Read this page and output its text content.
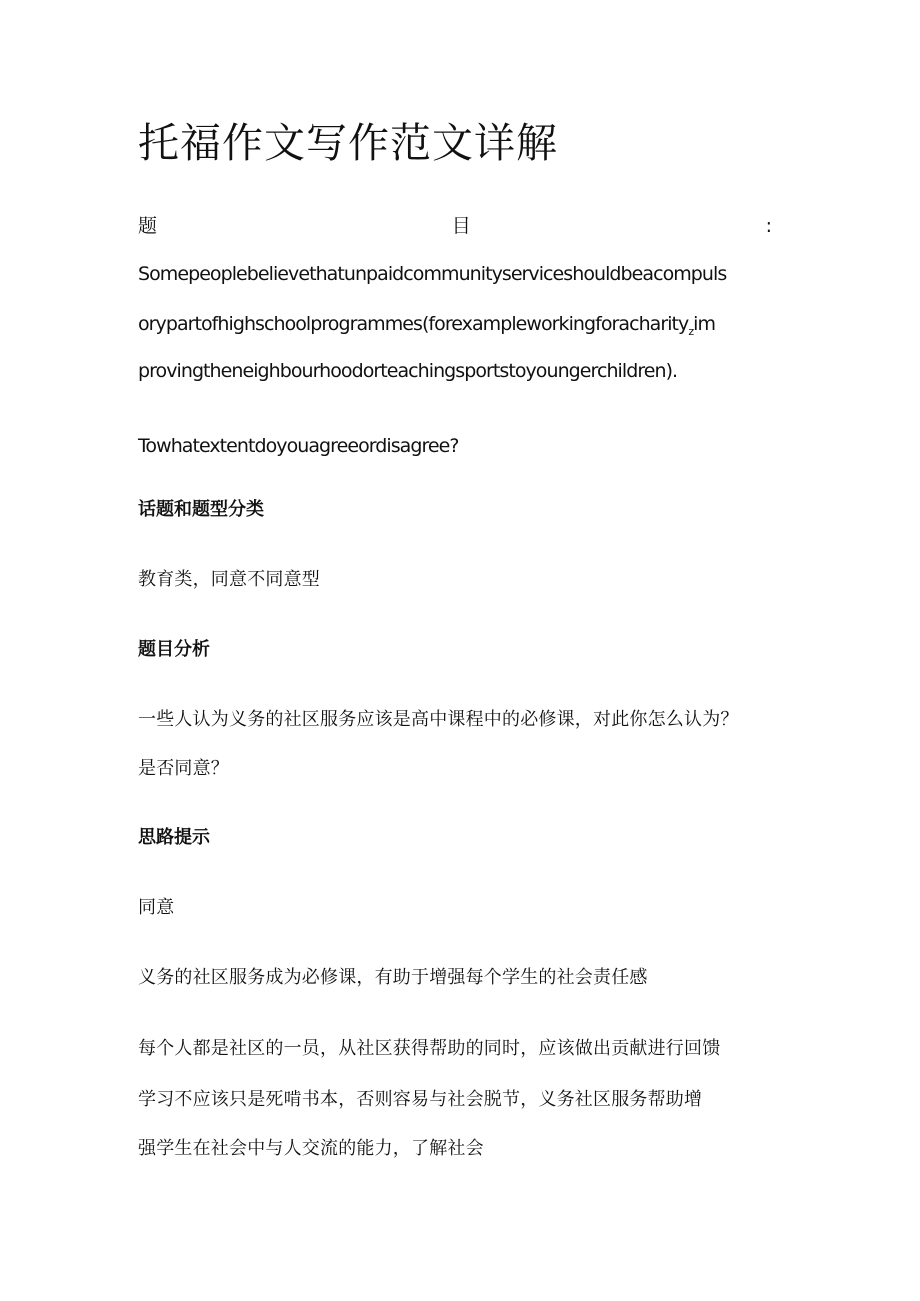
托福作文写作范文详解
题	目	:
Somepeoplebelievethatunpaidcommunityserviceshouldbeacompuls
orypartofhighschoolprogrammes(forexampleworkingforacharity$_z$im
provingtheneighbourhoodorteachingsportstoyoungerchildren).
Towhatextentdoyouagreeordisagree?
话题和题型分类
教育类，同意不同意型
题目分析
一些人认为义务的社区服务应该是高中课程中的必修课，对此你怎么认为？
是否同意？
思路提示
同意
义务的社区服务成为必修课，有助于增强每个学生的社会责任感
每个人都是社区的一员，从社区获得帮助的同时，应该做出贡献进行回馈
学习不应该只是死啃书本，否则容易与社会脱节，义务社区服务帮助增
强学生在社会中与人交流的能力，了解社会
